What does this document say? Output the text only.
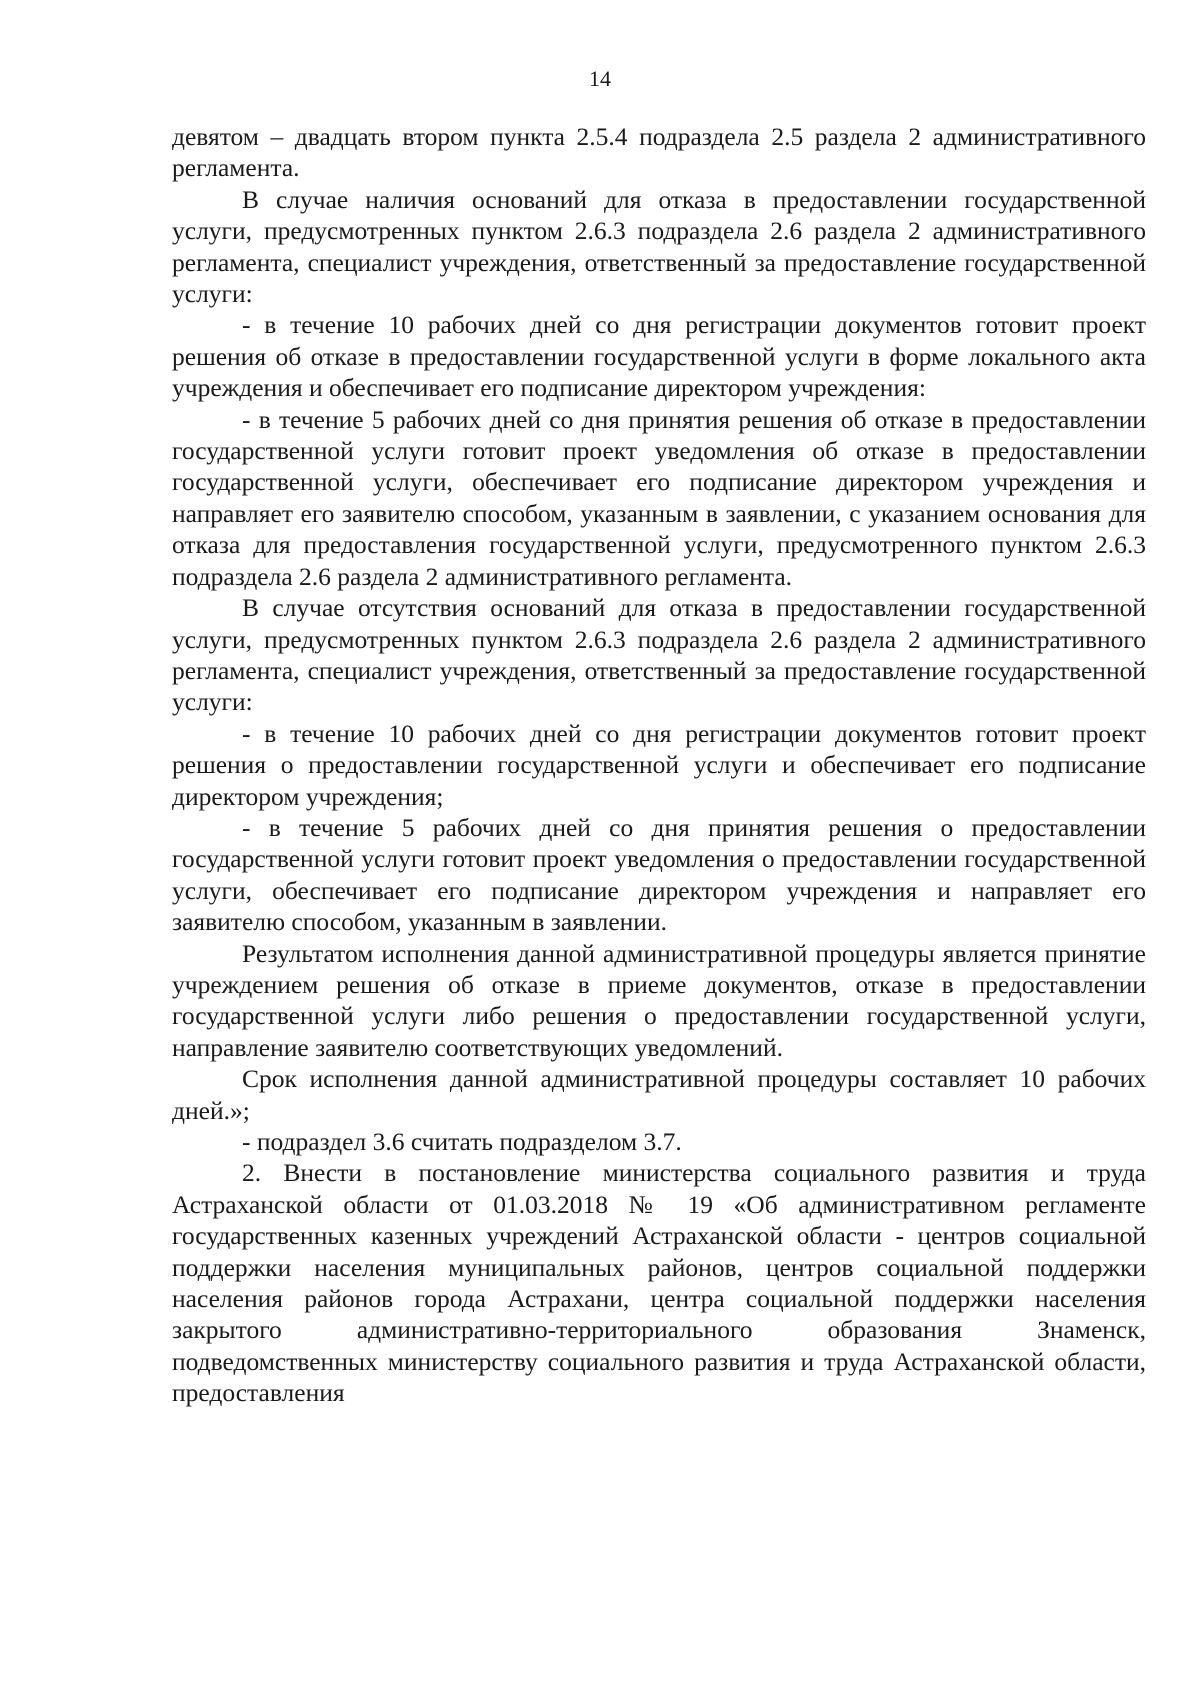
14

девятом – двадцать втором пункта 2.5.4 подраздела 2.5 раздела 2 административного регламента.

В случае наличия оснований для отказа в предоставлении государственной услуги, предусмотренных пунктом 2.6.3 подраздела 2.6 раздела 2 административного регламента, специалист учреждения, ответственный за предоставление государственной услуги:

- в течение 10 рабочих дней со дня регистрации документов готовит проект решения об отказе в предоставлении государственной услуги в форме локального акта учреждения и обеспечивает его подписание директором учреждения:

- в течение 5 рабочих дней со дня принятия решения об отказе в предоставлении государственной услуги готовит проект уведомления об отказе в предоставлении государственной услуги, обеспечивает его подписание директором учреждения и направляет его заявителю способом, указанным в заявлении, с указанием основания для отказа для предоставления государственной услуги, предусмотренного пунктом 2.6.3 подраздела 2.6 раздела 2 административного регламента.

В случае отсутствия оснований для отказа в предоставлении государственной услуги, предусмотренных пунктом 2.6.3 подраздела 2.6 раздела 2 административного регламента, специалист учреждения, ответственный за предоставление государственной услуги:

- в течение 10 рабочих дней со дня регистрации документов готовит проект решения о предоставлении государственной услуги и обеспечивает его подписание директором учреждения;

- в течение 5 рабочих дней со дня принятия решения о предоставлении государственной услуги готовит проект уведомления о предоставлении государственной услуги, обеспечивает его подписание директором учреждения и направляет его заявителю способом, указанным в заявлении.

Результатом исполнения данной административной процедуры является принятие учреждением решения об отказе в приеме документов, отказе в предоставлении государственной услуги либо решения о предоставлении государственной услуги, направление заявителю соответствующих уведомлений.

Срок исполнения данной административной процедуры составляет 10 рабочих дней.»;

- подраздел 3.6 считать подразделом 3.7.

2. Внести в постановление министерства социального развития и труда Астраханской области от 01.03.2018 № 19 «Об административном регламенте государственных казенных учреждений Астраханской области - центров социальной поддержки населения муниципальных районов, центров социальной поддержки населения районов города Астрахани, центра социальной поддержки населения закрытого административно-территориального образования Знаменск, подведомственных министерству социального развития и труда Астраханской области, предоставления
